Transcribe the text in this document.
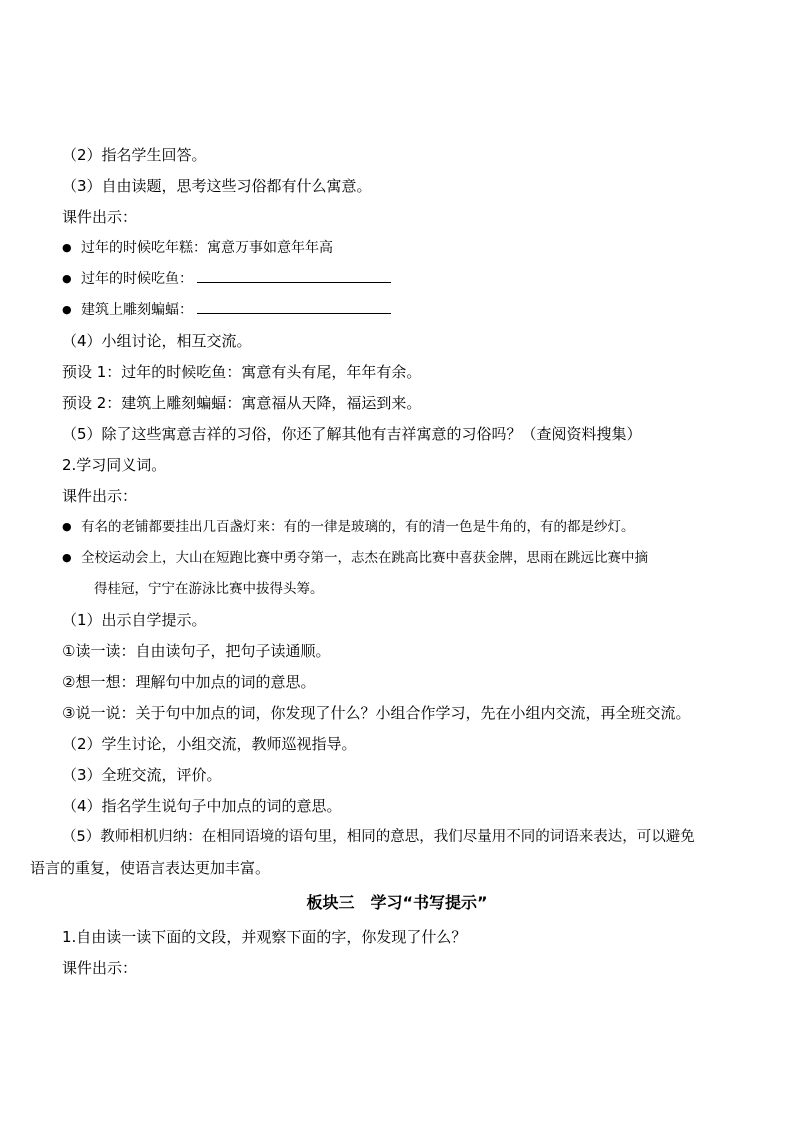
（2）指名学生回答。
（3）自由读题，思考这些习俗都有什么寓意。
课件出示：
● 过年的时候吃年糕：寓意万事如意年年高
● 过年的时候吃鱼：
● 建筑上雕刻蝙蝠：
（4）小组讨论，相互交流。
预设 1：过年的时候吃鱼：寓意有头有尾，年年有余。
预设 2：建筑上雕刻蝙蝠：寓意福从天降，福运到来。
（5）除了这些寓意吉祥的习俗，你还了解其他有吉祥寓意的习俗吗？（查阅资料搜集）
2.学习同义词。
课件出示：
● 有名的老铺都要挂出几百盏灯来：有的一律是玻璃的，有的清一色是牛角的，有的都是纱灯。
● 全校运动会上，大山在短跑比赛中勇夺第一，志杰在跳高比赛中喜获金牌，思雨在跳远比赛中摘
得桂冠，宁宁在游泳比赛中拔得头筹。
（1）出示自学提示。
①读一读：自由读句子，把句子读通顺。
②想一想：理解句中加点的词的意思。
③说一说：关于句中加点的词，你发现了什么？小组合作学习，先在小组内交流，再全班交流。
（2）学生讨论，小组交流，教师巡视指导。
（3）全班交流，评价。
（4）指名学生说句子中加点的词的意思。
（5）教师相机归纳：在相同语境的语句里，相同的意思，我们尽量用不同的词语来表达，可以避免
语言的重复，使语言表达更加丰富。
板块三　学习“书写提示”
1.自由读一读下面的文段，并观察下面的字，你发现了什么？
课件出示：
